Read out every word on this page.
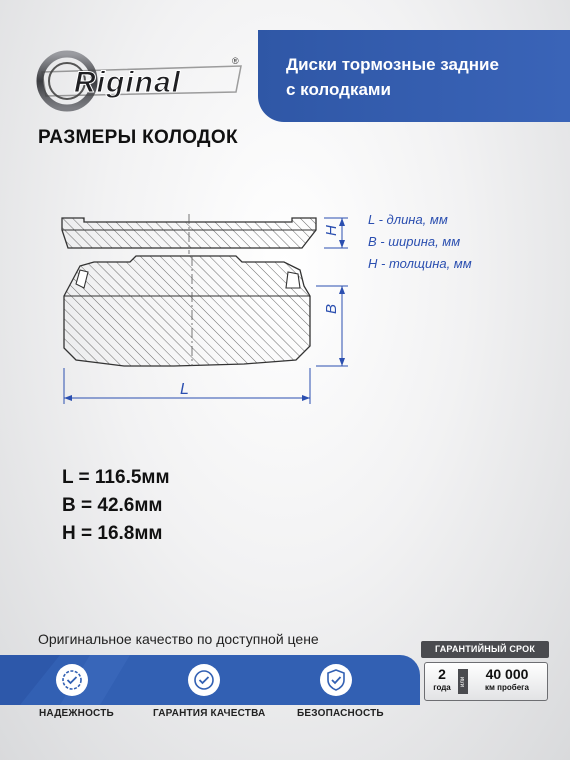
Riginal
®	Диски тормозные задние
с колодками
РАЗМЕРЫ КОЛОДОК
H
B
L
L - длина, мм
B - ширина, мм
H - толщина, мм
L = 116.5мм
B = 42.6мм
H = 16.8мм
Оригинальное качество по доступной цене
НАДЕЖНОСТЬ	ГАРАНТИЯ КАЧЕСТВА	БЕЗОПАСНОСТЬ
ГАРАНТИЙНЫЙ СРОК
2
года
или	40 000
км пробега
